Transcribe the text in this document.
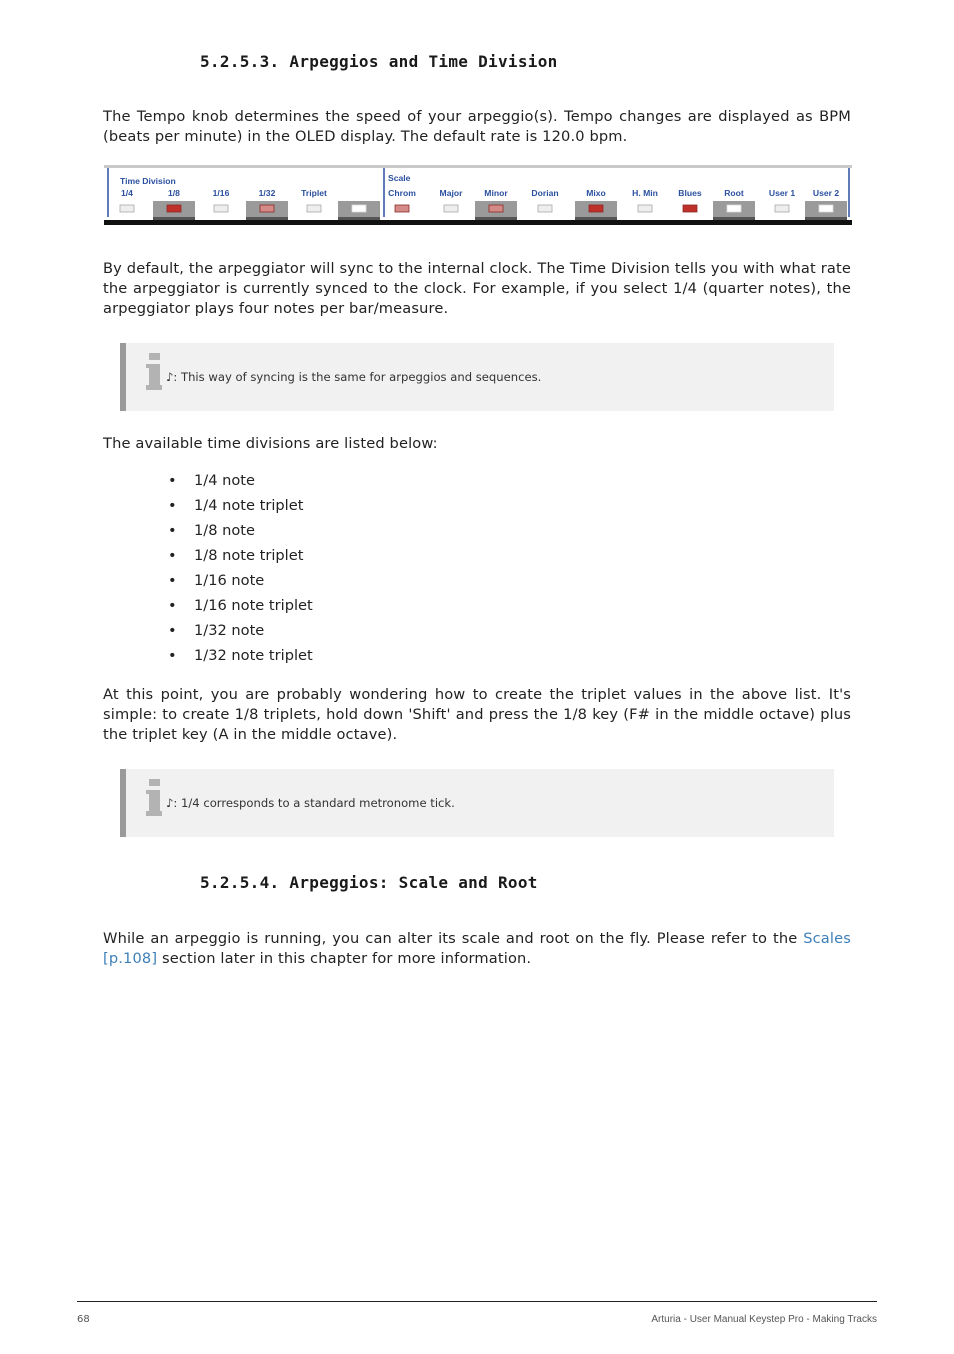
5.2.5.3. Arpeggios and Time Division

The Tempo knob determines the speed of your arpeggio(s). Tempo changes are displayed as BPM (beats per minute) in the OLED display. The default rate is 120.0 bpm.

1/4	1/8	1/16	1/32	Triplet	Chrom	Major	Minor	Dorian	Mixo	H. Min Blues	Root	User 1 User 2
Time Division	Scale

By default, the arpeggiator will sync to the internal clock. The Time Division tells you with what rate the arpeggiator is currently synced to the clock. For example, if you select 1/4 (quarter notes), the arpeggiator plays four notes per bar/measure.

♪: This way of syncing is the same for arpeggios and sequences.

The available time divisions are listed below:

• 1/4 note
• 1/4 note triplet
• 1/8 note
• 1/8 note triplet
• 1/16 note
• 1/16 note triplet
• 1/32 note
• 1/32 note triplet

At this point, you are probably wondering how to create the triplet values in the above list. It's simple: to create 1/8 triplets, hold down 'Shift' and press the 1/8 key (F# in the middle octave) plus the triplet key (A in the middle octave).

♪: 1/4 corresponds to a standard metronome tick.
5.2.5.4. Arpeggios: Scale and Root

While an arpeggio is running, you can alter its scale and root on the fly. Please refer to the Scales [p.108] section later in this chapter for more information.

68	Arturia - User Manual Keystep Pro - Making Tracks
